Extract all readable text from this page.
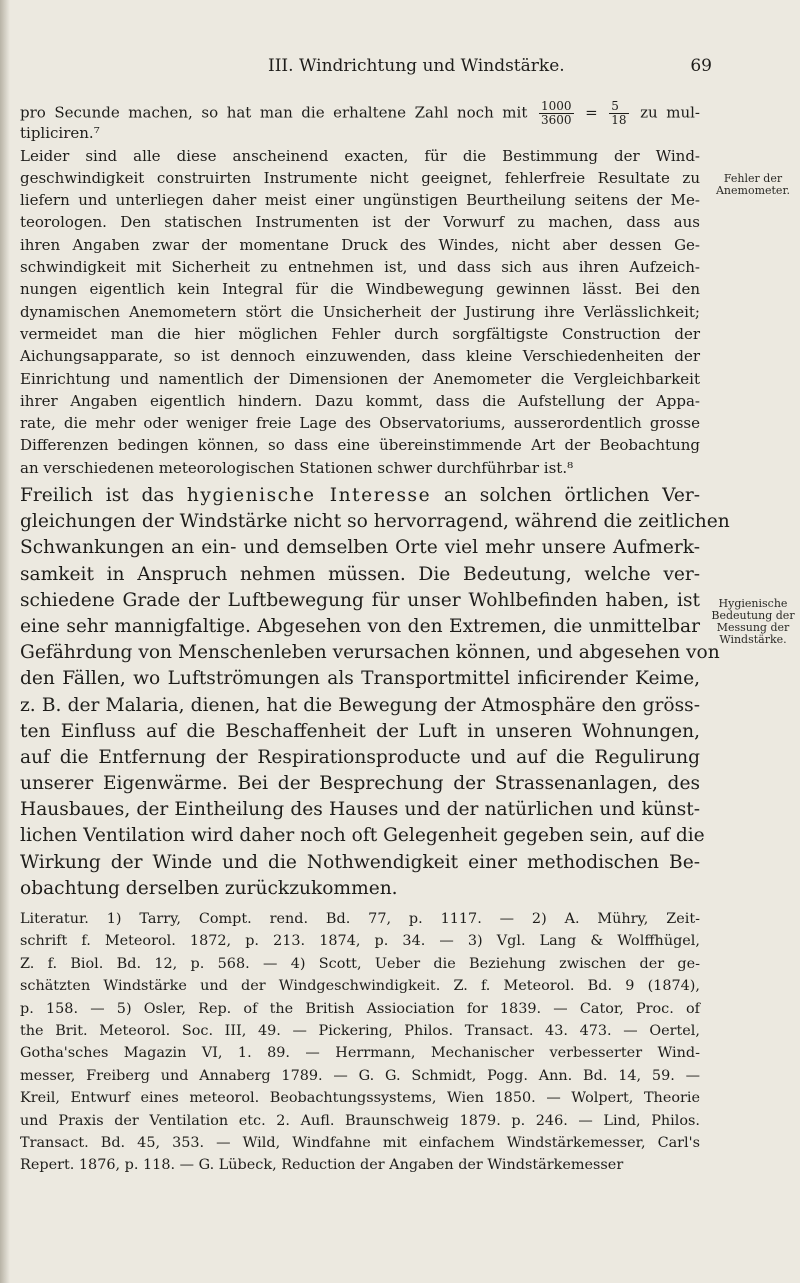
III. Windrichtung und Windstärke.	69
pro Secunde machen, so hat man die erhaltene Zahl noch mit $\frac{1000}{3600} = \frac{5}{18}$ zu mul-
tipliciren.⁷
Leider sind alle diese anscheinend exacten, für die Bestimmung der Wind-
geschwindigkeit construirten Instrumente nicht geeignet, fehlerfreie Resultate zu
liefern und unterliegen daher meist einer ungünstigen Beurtheilung seitens der Me-
teorologen. Den statischen Instrumenten ist der Vorwurf zu machen, dass aus
ihren Angaben zwar der momentane Druck des Windes, nicht aber dessen Ge-
schwindigkeit mit Sicherheit zu entnehmen ist, und dass sich aus ihren Aufzeich-
nungen eigentlich kein Integral für die Windbewegung gewinnen lässt. Bei den
dynamischen Anemometern stört die Unsicherheit der Justirung ihre Verlässlichkeit;
vermeidet man die hier möglichen Fehler durch sorgfältigste Construction der
Aichungsapparate, so ist dennoch einzuwenden, dass kleine Verschiedenheiten der
Einrichtung und namentlich der Dimensionen der Anemometer die Vergleichbarkeit
ihrer Angaben eigentlich hindern. Dazu kommt, dass die Aufstellung der Appa-
rate, die mehr oder weniger freie Lage des Observatoriums, ausserordentlich grosse
Differenzen bedingen können, so dass eine übereinstimmende Art der Beobachtung
an verschiedenen meteorologischen Stationen schwer durchführbar ist.⁸
Freilich ist das hygienische Interesse an solchen örtlichen Ver-
gleichungen der Windstärke nicht so hervorragend, während die zeitlichen
Schwankungen an ein- und demselben Orte viel mehr unsere Aufmerk-
samkeit in Anspruch nehmen müssen. Die Bedeutung, welche ver-
schiedene Grade der Luftbewegung für unser Wohlbefinden haben, ist
eine sehr mannigfaltige. Abgesehen von den Extremen, die unmittelbar
Gefährdung von Menschenleben verursachen können, und abgesehen von
den Fällen, wo Luftströmungen als Transportmittel inficirender Keime,
z. B. der Malaria, dienen, hat die Bewegung der Atmosphäre den gröss-
ten Einfluss auf die Beschaffenheit der Luft in unseren Wohnungen,
auf die Entfernung der Respirationsproducte und auf die Regulirung
unserer Eigenwärme. Bei der Besprechung der Strassenanlagen, des
Hausbaues, der Eintheilung des Hauses und der natürlichen und künst-
lichen Ventilation wird daher noch oft Gelegenheit gegeben sein, auf die
Wirkung der Winde und die Nothwendigkeit einer methodischen Be-
obachtung derselben zurückzukommen.
Literatur. 1) Tarry, Compt. rend. Bd. 77, p. 1117. — 2) A. Mühry, Zeit-
schrift f. Meteorol. 1872, p. 213. 1874, p. 34. — 3) Vgl. Lang & Wolffhügel,
Z. f. Biol. Bd. 12, p. 568. — 4) Scott, Ueber die Beziehung zwischen der ge-
schätzten Windstärke und der Windgeschwindigkeit. Z. f. Meteorol. Bd. 9 (1874),
p. 158. — 5) Osler, Rep. of the British Assiociation for 1839. — Cator, Proc. of
the Brit. Meteorol. Soc. III, 49. — Pickering, Philos. Transact. 43. 473. — Oertel,
Gotha'sches Magazin VI, 1. 89. — Herrmann, Mechanischer verbesserter Wind-
messer, Freiberg und Annaberg 1789. — G. G. Schmidt, Pogg. Ann. Bd. 14, 59. —
Kreil, Entwurf eines meteorol. Beobachtungssystems, Wien 1850. — Wolpert, Theorie
und Praxis der Ventilation etc. 2. Aufl. Braunschweig 1879. p. 246. — Lind, Philos.
Transact. Bd. 45, 353. — Wild, Windfahne mit einfachem Windstärkemesser, Carl's
Repert. 1876, p. 118. — G. Lübeck, Reduction der Angaben der Windstärkemesser
Fehler der Anemometer.
Hygienische Bedeutung der Messung der Windstärke.
